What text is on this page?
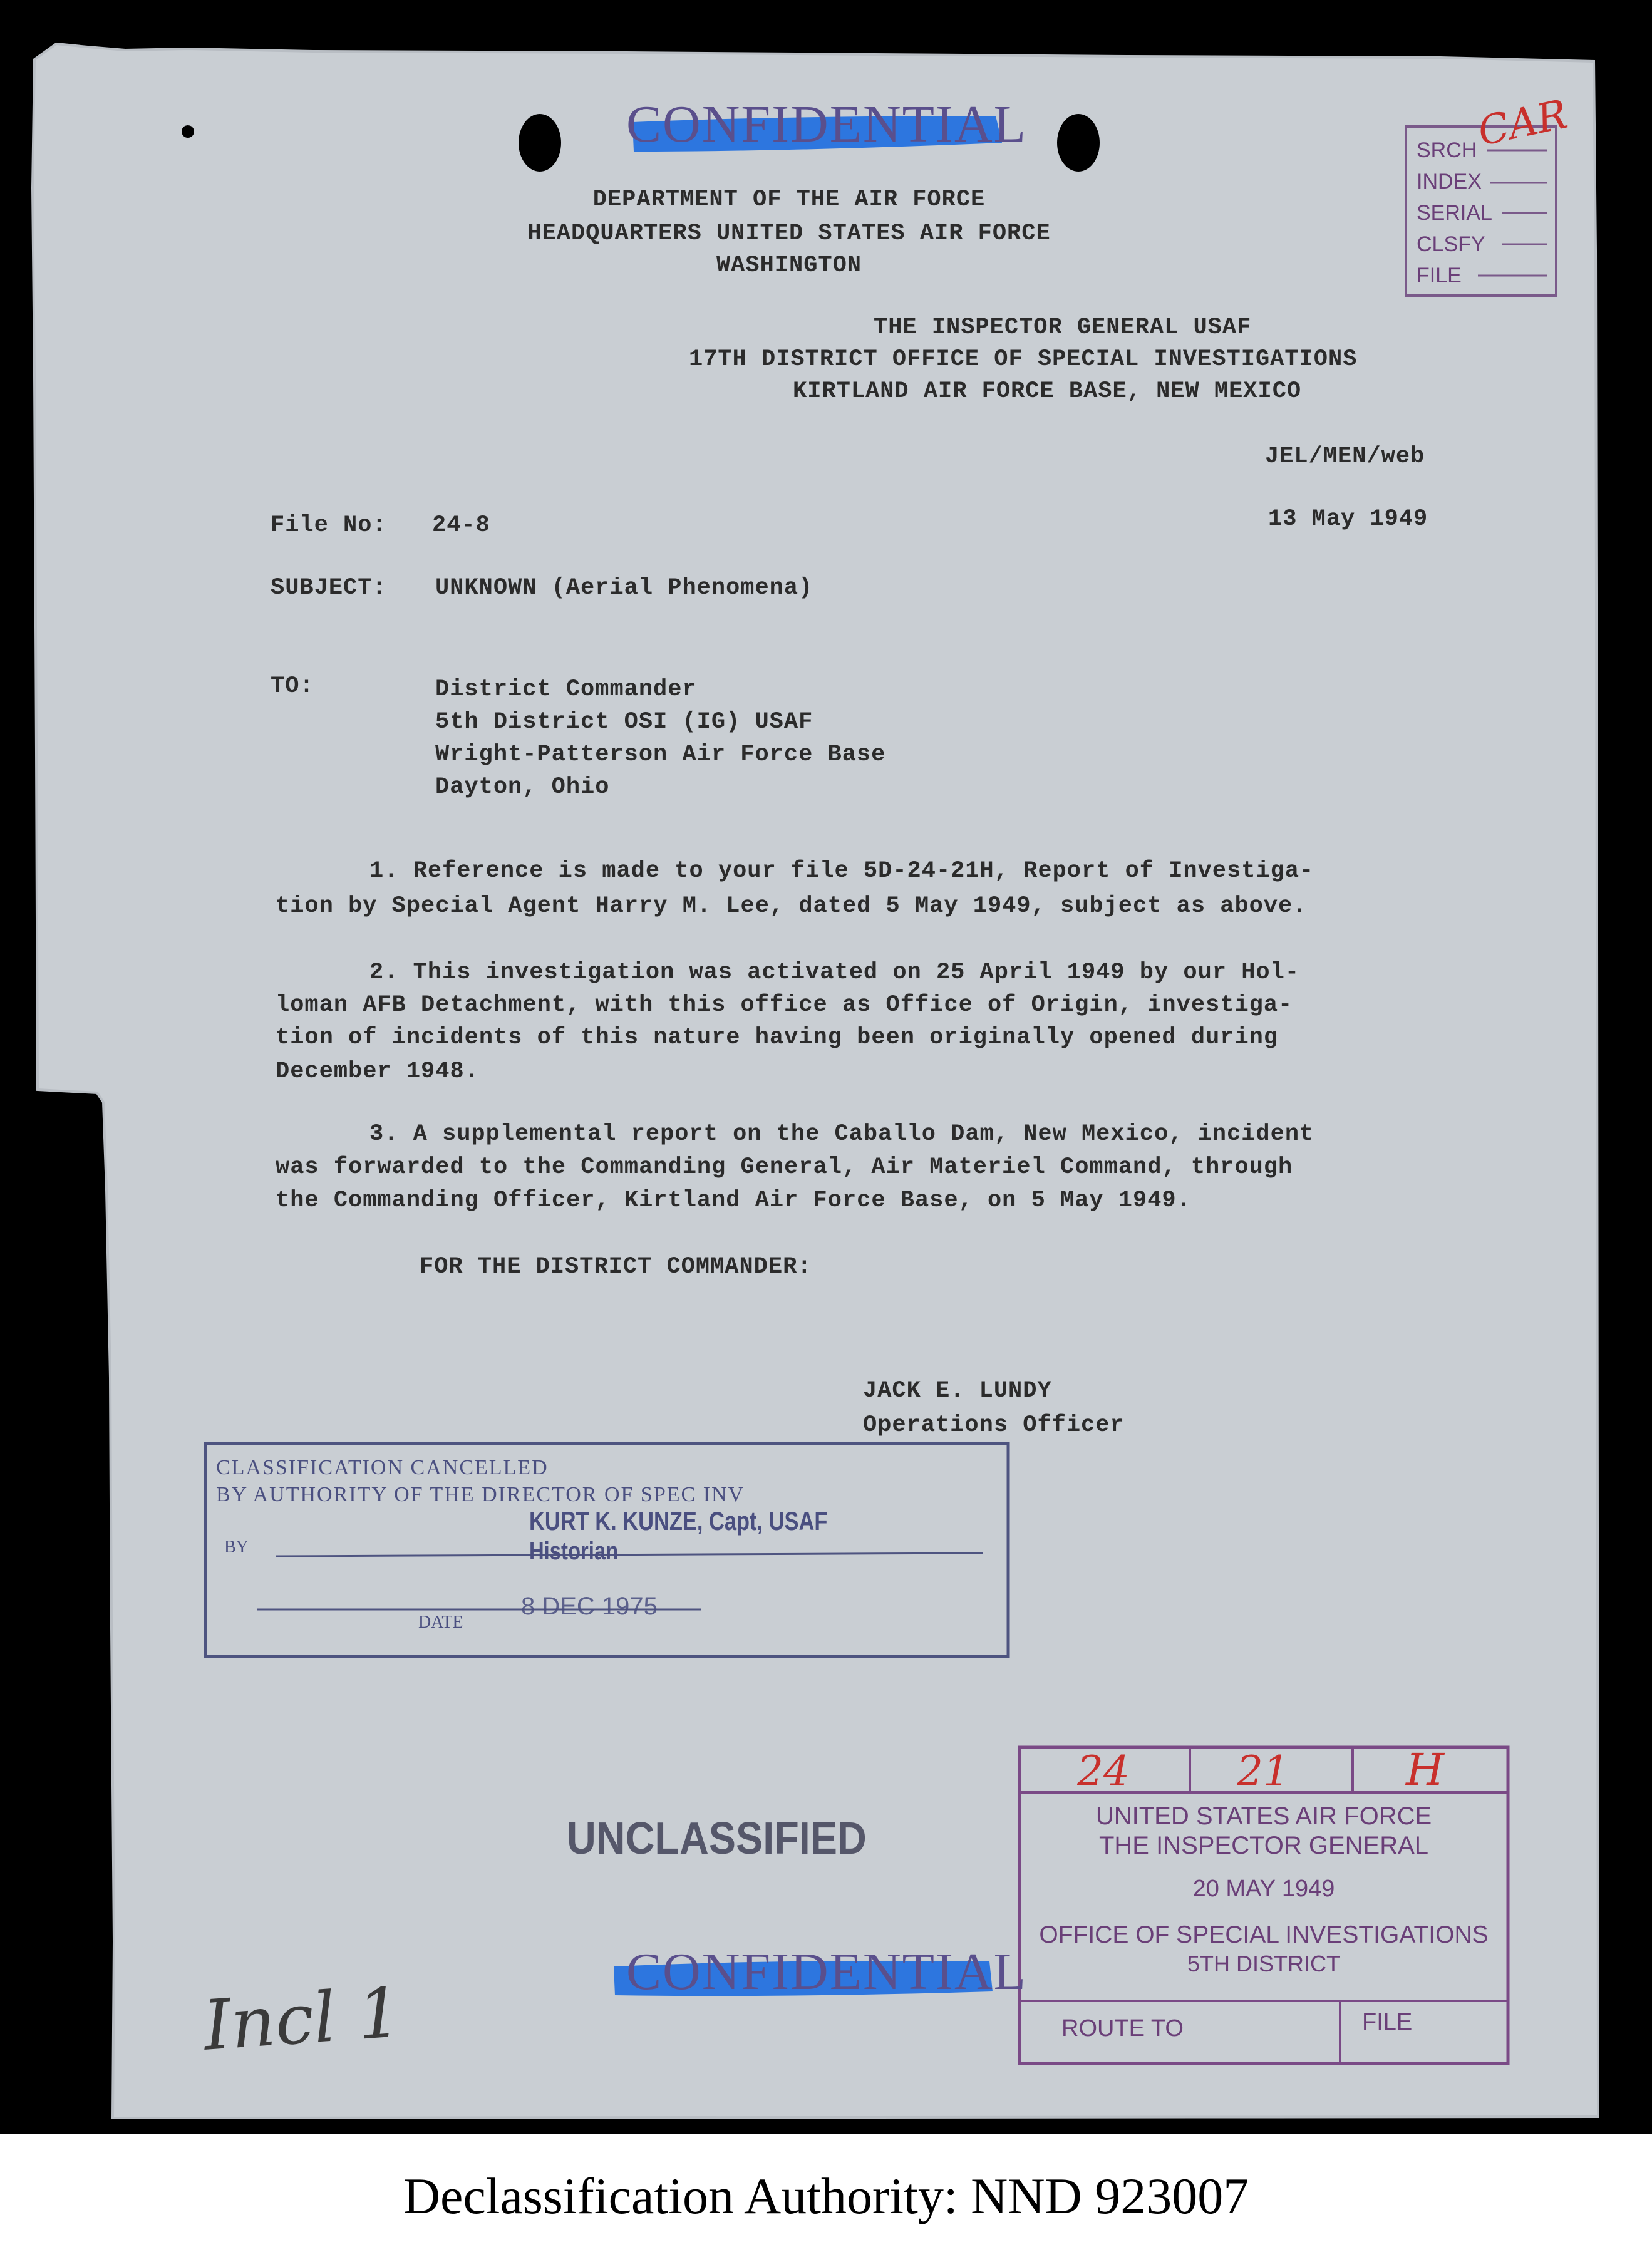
CONFIDENTIAL	CAR
SRCH
INDEX
SERIAL
CLSFY
FILE
DEPARTMENT OF THE AIR FORCE
HEADQUARTERS UNITED STATES AIR FORCE
WASHINGTON
THE INSPECTOR GENERAL USAF
17TH DISTRICT OFFICE OF SPECIAL INVESTIGATIONS
KIRTLAND AIR FORCE BASE, NEW MEXICO
JEL/MEN/web
File No: 24-8	13 May 1949
SUBJECT: UNKNOWN (Aerial Phenomena)
TO:	District Commander
5th District OSI (IG) USAF
Wright-Patterson Air Force Base
Dayton, Ohio
1. Reference is made to your file 5D-24-21H, Report of Investiga-
tion by Special Agent Harry M. Lee, dated 5 May 1949, subject as above.
2. This investigation was activated on 25 April 1949 by our Hol-
loman AFB Detachment, with this office as Office of Origin, investiga-
tion of incidents of this nature having been originally opened during
December 1948.
3. A supplemental report on the Caballo Dam, New Mexico, incident
was forwarded to the Commanding General, Air Materiel Command, through
the Commanding Officer, Kirtland Air Force Base, on 5 May 1949.
FOR THE DISTRICT COMMANDER:
JACK E. LUNDY
Operations Officer
CLASSIFICATION CANCELLED
BY AUTHORITY OF THE DIRECTOR OF SPEC INV
BY
KURT K. KUNZE, Capt, USAF
Historian
DATE
8 DEC 1975
UNCLASSIFIED
CONFIDENTIAL
24	21	H
UNITED STATES AIR FORCE
THE INSPECTOR GENERAL
20 MAY 1949
OFFICE OF SPECIAL INVESTIGATIONS
5TH DISTRICT
ROUTE TO	FILE
Incl 1
Declassification Authority: NND 923007
